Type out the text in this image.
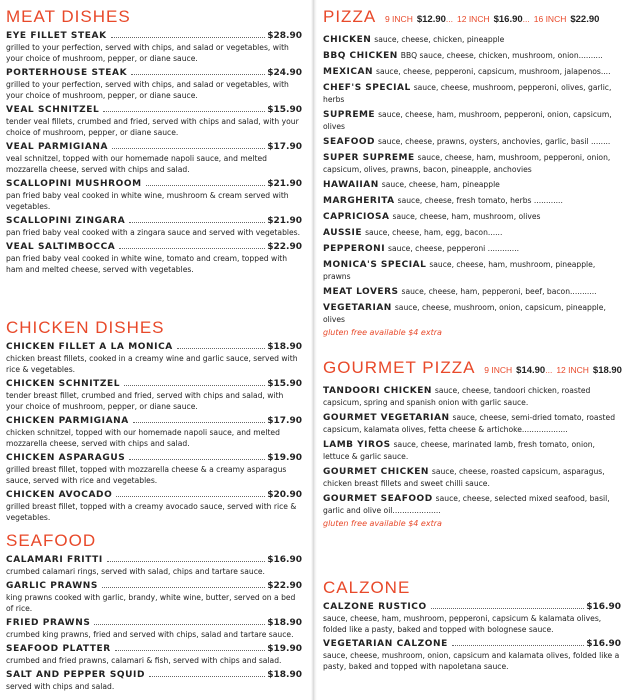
MEAT DISHES
EYE FILLET STEAK	$28.90
grilled to your perfection, served with chips, and salad or vegetables, with your choice of mushroom, pepper, or diane sauce.
PORTERHOUSE STEAK	$24.90
grilled to your perfection, served with chips, and salad or vegetables, with your choice of mushroom, pepper, or diane sauce.
VEAL SCHNITZEL	$15.90
tender veal fillets, crumbed and fried, served with chips and salad, with your choice of mushroom, pepper, or diane sauce.
VEAL PARMIGIANA	$17.90
veal schnitzel, topped with our homemade napoli sauce, and melted mozzarella cheese, served with chips and salad.
SCALLOPINI MUSHROOM	$21.90
pan fried baby veal cooked in white wine, mushroom & cream served with vegetables.
SCALLOPINI ZINGARA	$21.90
pan fried baby veal cooked with a zingara sauce and served with vegetables.
VEAL SALTIMBOCCA	$22.90
pan fried baby veal cooked in white wine, tomato and cream, topped with ham and melted cheese, served with vegetables.
CHICKEN DISHES
CHICKEN FILLET A LA MONICA	$18.90
chicken breast fillets, cooked in a creamy wine and garlic sauce, served with rice & vegetables.
CHICKEN SCHNITZEL	$15.90
tender breast fillet, crumbed and fried, served with chips and salad, with your choice of mushroom, pepper, or diane sauce.
CHICKEN PARMIGIANA	$17.90
chicken schnitzel, topped with our homemade napoli sauce, and melted mozzarella cheese, served with chips and salad.
CHICKEN ASPARAGUS	$19.90
grilled breast fillet, topped with mozzarella cheese & a creamy asparagus sauce, served with rice and vegetables.
CHICKEN AVOCADO	$20.90
grilled breast fillet, topped with a creamy avocado sauce, served with rice & vegetables.
SEAFOOD
CALAMARI FRITTI	$16.90
crumbed calamari rings, served with salad, chips and tartare sauce.
GARLIC PRAWNS	$22.90
king prawns cooked with garlic, brandy, white wine, butter, served on a bed of rice.
FRIED PRAWNS	$18.90
crumbed king prawns, fried and served with chips, salad and tartare sauce.
SEAFOOD PLATTER	$19.90
crumbed and fried prawns, calamari & fish, served with chips and salad.
SALT AND PEPPER SQUID	$18.90
served with chips and salad.
PIZZA 9 INCH $12.90... 12 INCH $16.90... 16 INCH $22.90
CHICKEN sauce, cheese, chicken, pineapple
BBQ CHICKEN BBQ sauce, cheese, chicken, mushroom, onion..........
MEXICAN sauce, cheese, pepperoni, capsicum, mushroom, jalapenos....
CHEF'S SPECIAL sauce, cheese, mushroom, pepperoni, olives, garlic, herbs
SUPREME sauce, cheese, ham, mushroom, pepperoni, onion, capsicum, olives
SEAFOOD sauce, cheese, prawns, oysters, anchovies, garlic, basil ........
SUPER SUPREME sauce, cheese, ham, mushroom, pepperoni, onion, capsicum, olives, prawns, bacon, pineapple, anchovies
HAWAIIAN sauce, cheese, ham, pineapple
MARGHERITA sauce, cheese, fresh tomato, herbs ............
CAPRICIOSA sauce, cheese, ham, mushroom, olives
AUSSIE sauce, cheese, ham, egg, bacon......
PEPPERONI sauce, cheese, pepperoni .............
MONICA'S SPECIAL sauce, cheese, ham, mushroom, pineapple, prawns
MEAT LOVERS sauce, cheese, ham, pepperoni, beef, bacon...........
VEGETARIAN sauce, cheese, mushroom, onion, capsicum, pineapple, olives
gluten free available $4 extra
GOURMET PIZZA 9 INCH $14.90... 12 INCH $18.90
TANDOORI CHICKEN sauce, cheese, tandoori chicken, roasted capsicum, spring and spanish onion with garlic sauce.
GOURMET VEGETARIAN sauce, cheese, semi-dried tomato, roasted capsicum, kalamata olives, fetta cheese & artichoke...................
LAMB YIROS sauce, cheese, marinated lamb, fresh tomato, onion, lettuce & garlic sauce.
GOURMET CHICKEN sauce, cheese, roasted capsicum, asparagus, chicken breast fillets and sweet chilli sauce.
GOURMET SEAFOOD sauce, cheese, selected mixed seafood, basil, garlic and olive oil....................
gluten free available $4 extra
CALZONE
CALZONE RUSTICO	$16.90
sauce, cheese, ham, mushroom, pepperoni, capsicum & kalamata olives, folded like a pasty, baked and topped with bolognese sauce.
VEGETARIAN CALZONE	$16.90
sauce, cheese, mushroom, onion, capsicum and kalamata olives, folded like a pasty, baked and topped with napoletana sauce.
